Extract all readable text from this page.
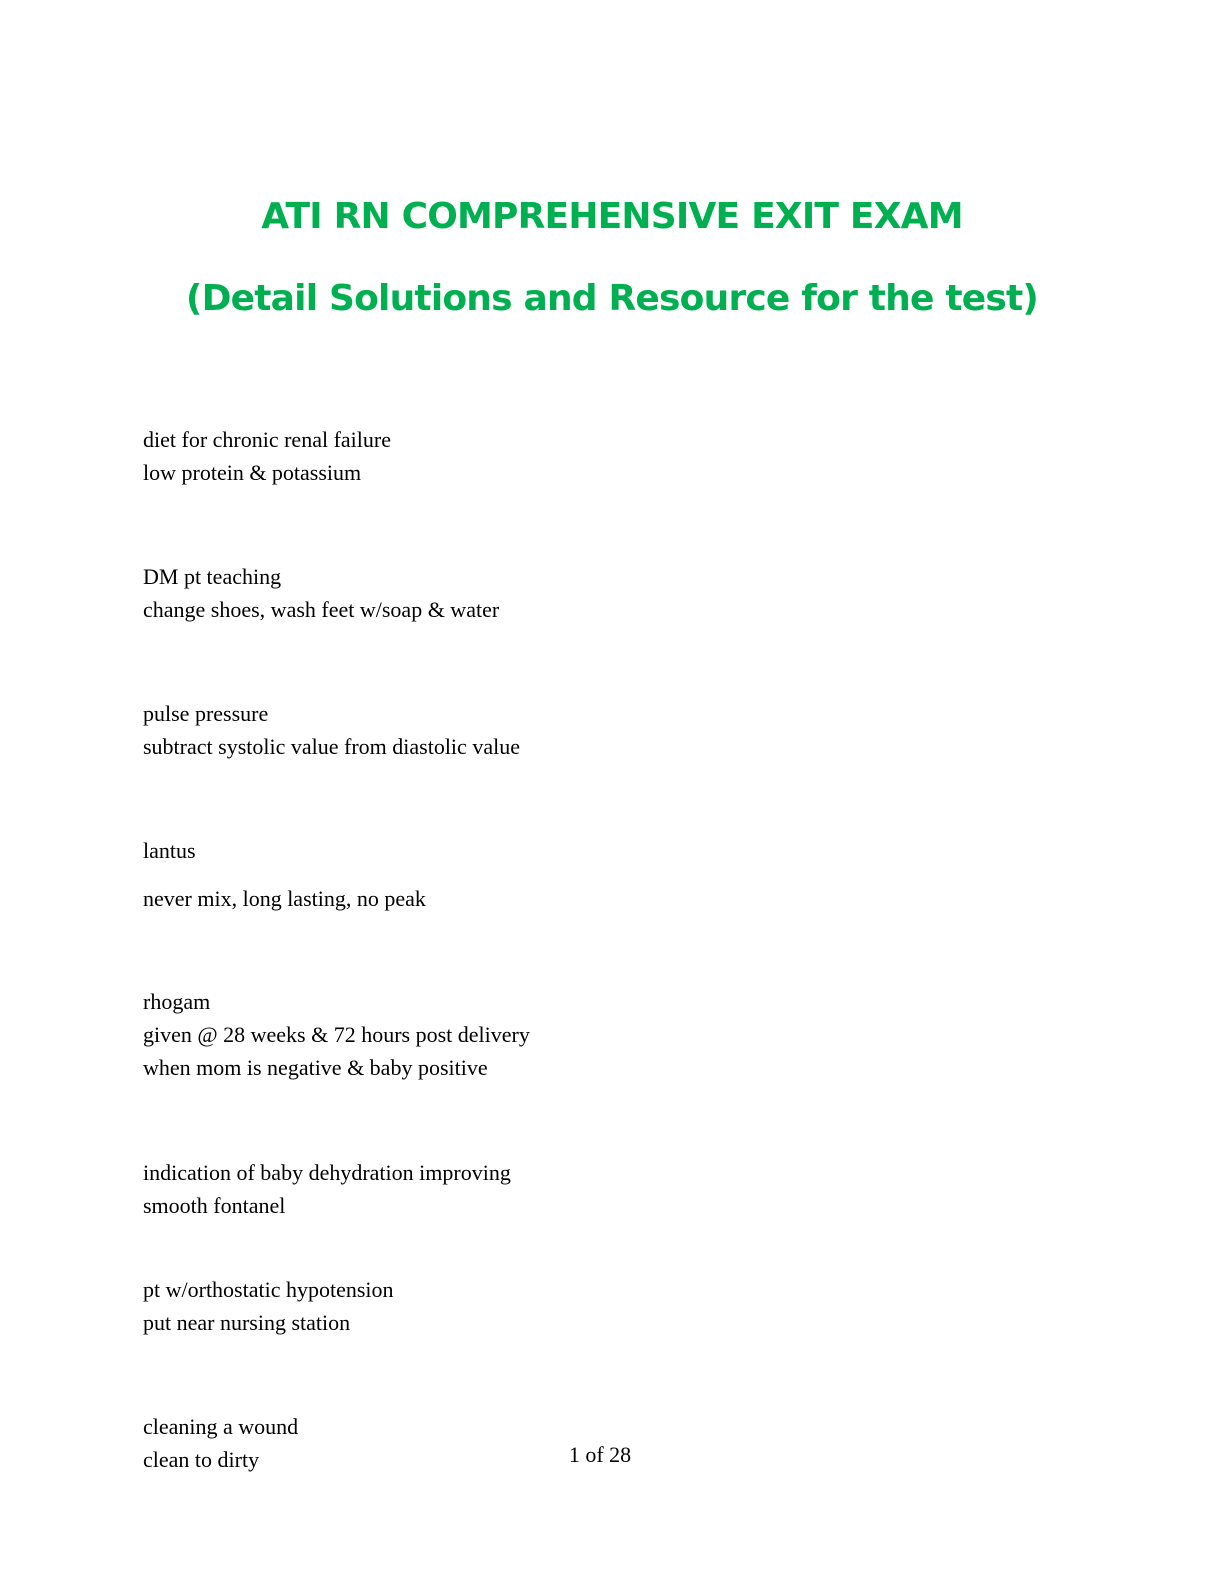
ATI RN COMPREHENSIVE EXIT EXAM
(Detail Solutions and Resource for the test)
diet for chronic renal failure
low protein & potassium
DM pt teaching
change shoes, wash feet w/soap & water
pulse pressure
subtract systolic value from diastolic value
lantus
never mix, long lasting, no peak
rhogam
given @ 28 weeks & 72 hours post delivery
when mom is negative & baby positive
indication of baby dehydration improving
smooth fontanel
pt w/orthostatic hypotension
put near nursing station
cleaning a wound
clean to dirty	1 of 28
